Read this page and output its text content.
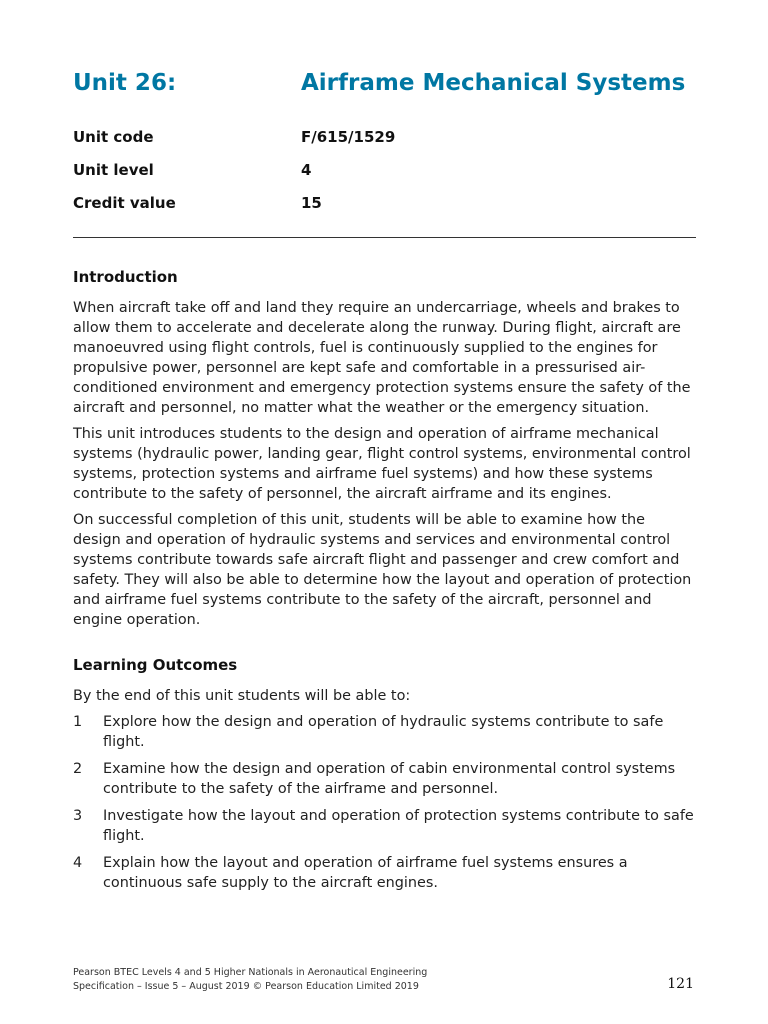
Unit 26:	Airframe Mechanical Systems
Unit code	F/615/1529
Unit level	4
Credit value	15
Introduction

When aircraft take off and land they require an undercarriage, wheels and brakes to allow them to accelerate and decelerate along the runway. During flight, aircraft are manoeuvred using flight controls, fuel is continuously supplied to the engines for propulsive power, personnel are kept safe and comfortable in a pressurised air-conditioned environment and emergency protection systems ensure the safety of the aircraft and personnel, no matter what the weather or the emergency situation.

This unit introduces students to the design and operation of airframe mechanical systems (hydraulic power, landing gear, flight control systems, environmental control systems, protection systems and airframe fuel systems) and how these systems contribute to the safety of personnel, the aircraft airframe and its engines.

On successful completion of this unit, students will be able to examine how the design and operation of hydraulic systems and services and environmental control systems contribute towards safe aircraft flight and passenger and crew comfort and safety. They will also be able to determine how the layout and operation of protection and airframe fuel systems contribute to the safety of the aircraft, personnel and engine operation.

Learning Outcomes

By the end of this unit students will be able to:

1 Explore how the design and operation of hydraulic systems contribute to safe flight.
2 Examine how the design and operation of cabin environmental control systems contribute to the safety of the airframe and personnel.
3 Investigate how the layout and operation of protection systems contribute to safe flight.
4 Explain how the layout and operation of airframe fuel systems ensures a continuous safe supply to the aircraft engines.
Pearson BTEC Levels 4 and 5 Higher Nationals in Aeronautical Engineering
Specification – Issue 5 – August 2019 © Pearson Education Limited 2019	121
